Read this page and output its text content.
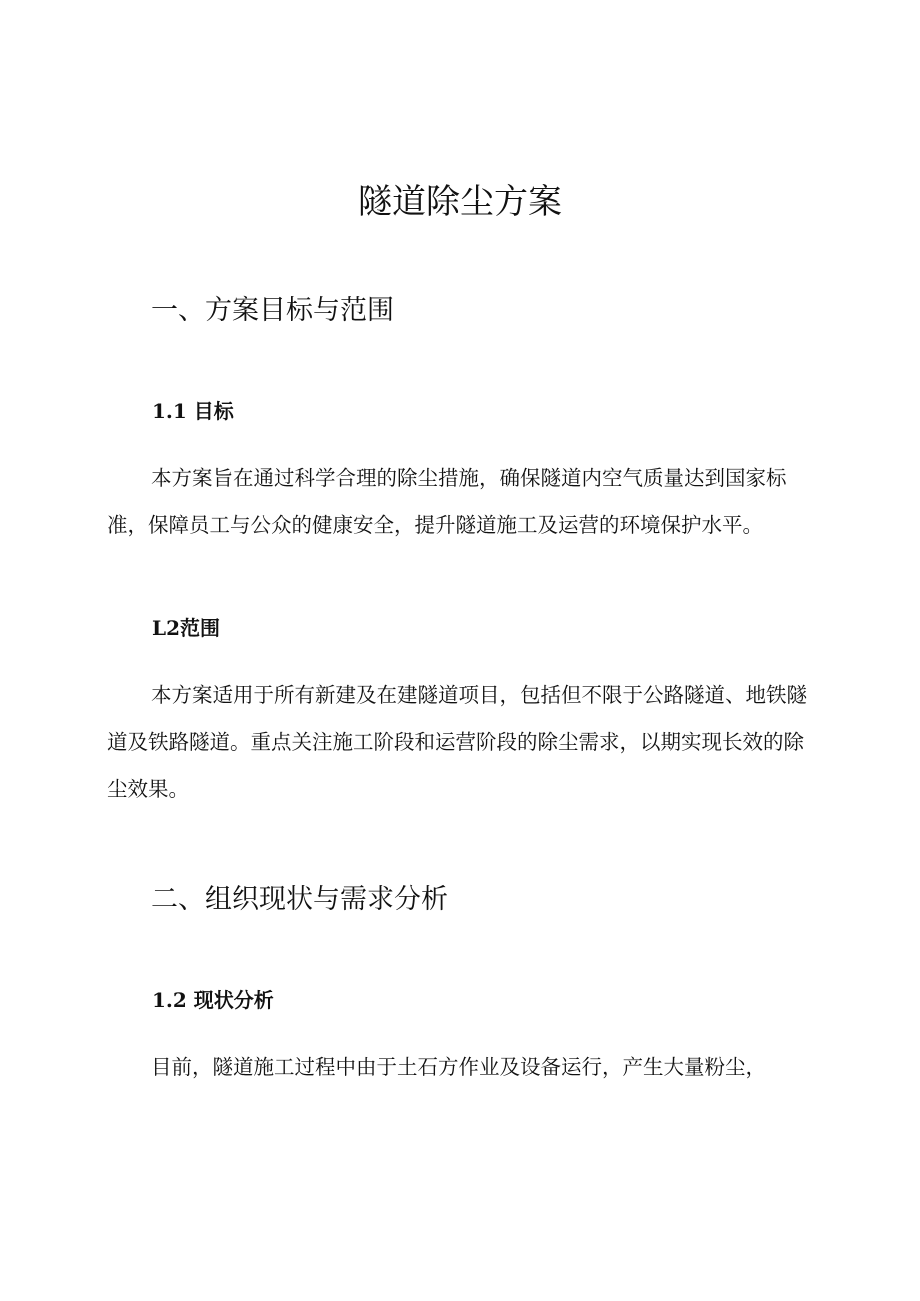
隧道除尘方案
一、方案目标与范围
1.1 目标

本方案旨在通过科学合理的除尘措施，确保隧道内空气质量达到国家标准，保障员工与公众的健康安全，提升隧道施工及运营的环境保护水平。

L2范围

本方案适用于所有新建及在建隧道项目，包括但不限于公路隧道、地铁隧道及铁路隧道。重点关注施工阶段和运营阶段的除尘需求，以期实现长效的除尘效果。

二、组织现状与需求分析
1.2 现状分析

目前，隧道施工过程中由于土石方作业及设备运行，产生大量粉尘，
